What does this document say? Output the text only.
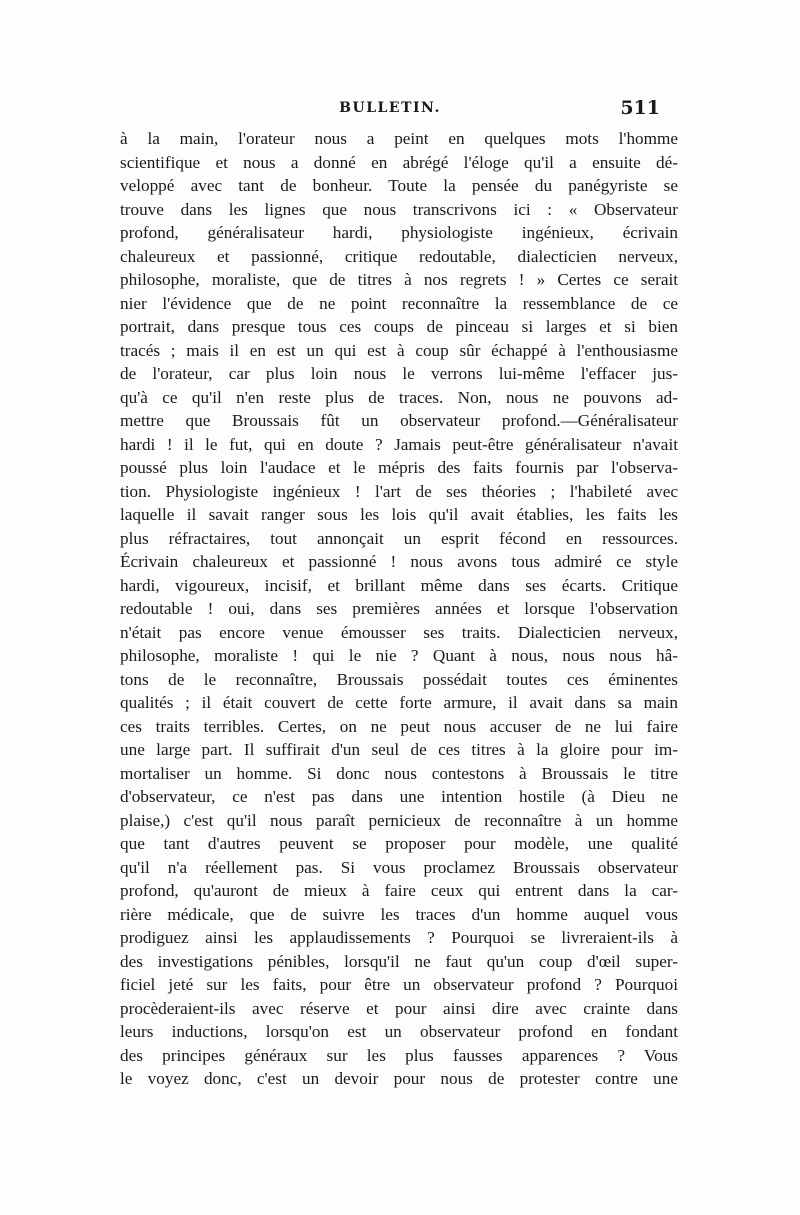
BULLETIN.	511
à la main, l'orateur nous a peint en quelques mots l'homme
scientifique et nous a donné en abrégé l'éloge qu'il a ensuite dé-
veloppé avec tant de bonheur. Toute la pensée du panégyriste se
trouve dans les lignes que nous transcrivons ici : « Observateur
profond, généralisateur hardi, physiologiste ingénieux, écrivain
chaleureux et passionné, critique redoutable, dialecticien nerveux,
philosophe, moraliste, que de titres à nos regrets ! » Certes ce serait
nier l'évidence que de ne point reconnaître la ressemblance de ce
portrait, dans presque tous ces coups de pinceau si larges et si bien
tracés ; mais il en est un qui est à coup sûr échappé à l'enthousiasme
de l'orateur, car plus loin nous le verrons lui-même l'effacer jus-
qu'à ce qu'il n'en reste plus de traces. Non, nous ne pouvons ad-
mettre que Broussais fût un observateur profond.—Généralisateur
hardi ! il le fut, qui en doute ? Jamais peut-être généralisateur n'avait
poussé plus loin l'audace et le mépris des faits fournis par l'observa-
tion. Physiologiste ingénieux ! l'art de ses théories ; l'habileté avec
laquelle il savait ranger sous les lois qu'il avait établies, les faits les
plus réfractaires, tout annonçait un esprit fécond en ressources.
Écrivain chaleureux et passionné ! nous avons tous admiré ce style
hardi, vigoureux, incisif, et brillant même dans ses écarts. Critique
redoutable ! oui, dans ses premières années et lorsque l'observation
n'était pas encore venue émousser ses traits. Dialecticien nerveux,
philosophe, moraliste ! qui le nie ? Quant à nous, nous nous hâ-
tons de le reconnaître, Broussais possédait toutes ces éminentes
qualités ; il était couvert de cette forte armure, il avait dans sa main
ces traits terribles. Certes, on ne peut nous accuser de ne lui faire
une large part. Il suffirait d'un seul de ces titres à la gloire pour im-
mortaliser un homme. Si donc nous contestons à Broussais le titre
d'observateur, ce n'est pas dans une intention hostile (à Dieu ne
plaise,) c'est qu'il nous paraît pernicieux de reconnaître à un homme
que tant d'autres peuvent se proposer pour modèle, une qualité
qu'il n'a réellement pas. Si vous proclamez Broussais observateur
profond, qu'auront de mieux à faire ceux qui entrent dans la car-
rière médicale, que de suivre les traces d'un homme auquel vous
prodiguez ainsi les applaudissements ? Pourquoi se livreraient-ils à
des investigations pénibles, lorsqu'il ne faut qu'un coup d'œil super-
ficiel jeté sur les faits, pour être un observateur profond ? Pourquoi
procèderaient-ils avec réserve et pour ainsi dire avec crainte dans
leurs inductions, lorsqu'on est un observateur profond en fondant
des principes généraux sur les plus fausses apparences ? Vous
le voyez donc, c'est un devoir pour nous de protester contre une
